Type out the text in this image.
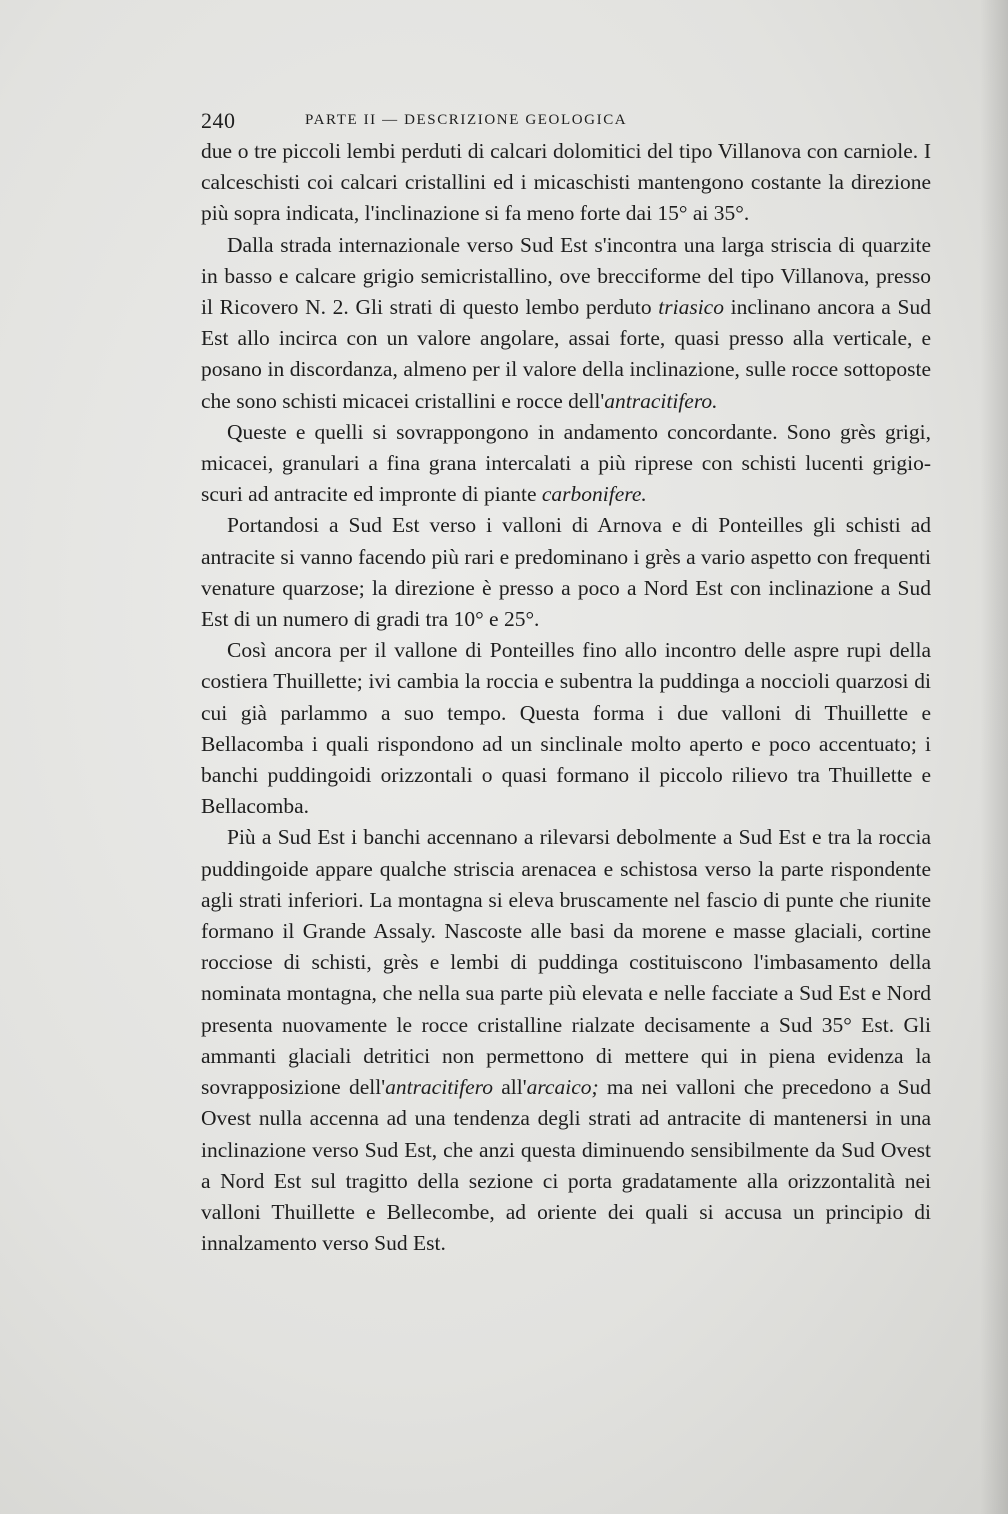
240	PARTE II — DESCRIZIONE GEOLOGICA

due o tre piccoli lembi perduti di calcari dolomitici del tipo Villanova con carniole. I calceschisti coi calcari cristallini ed i micaschisti mantengono costante la direzione più sopra indicata, l'inclinazione si fa meno forte dai 15° ai 35°.

Dalla strada internazionale verso Sud Est s'incontra una larga striscia di quarzite in basso e calcare grigio semicristallino, ove brecciforme del tipo Villanova, presso il Ricovero N. 2. Gli strati di questo lembo perduto triasico inclinano ancora a Sud Est allo incirca con un valore angolare, assai forte, quasi presso alla verticale, e posano in discordanza, almeno per il valore della inclinazione, sulle rocce sottoposte che sono schisti micacei cristallini e rocce dell'antracitifero.

Queste e quelli si sovrappongono in andamento concordante. Sono grès grigi, micacei, granulari a fina grana intercalati a più riprese con schisti lucenti grigio-scuri ad antracite ed impronte di piante carbonifere.

Portandosi a Sud Est verso i valloni di Arnova e di Ponteilles gli schisti ad antracite si vanno facendo più rari e predominano i grès a vario aspetto con frequenti venature quarzose; la direzione è presso a poco a Nord Est con inclinazione a Sud Est di un numero di gradi tra 10° e 25°.

Così ancora per il vallone di Ponteilles fino allo incontro delle aspre rupi della costiera Thuillette; ivi cambia la roccia e subentra la puddinga a noccioli quarzosi di cui già parlammo a suo tempo. Questa forma i due valloni di Thuillette e Bellacomba i quali rispondono ad un sinclinale molto aperto e poco accentuato; i banchi puddingoidi orizzontali o quasi formano il piccolo rilievo tra Thuillette e Bellacomba.

Più a Sud Est i banchi accennano a rilevarsi debolmente a Sud Est e tra la roccia puddingoide appare qualche striscia arenacea e schistosa verso la parte rispondente agli strati inferiori. La montagna si eleva bruscamente nel fascio di punte che riunite formano il Grande Assaly. Nascoste alle basi da morene e masse glaciali, cortine rocciose di schisti, grès e lembi di puddinga costituiscono l'imbasamento della nominata montagna, che nella sua parte più elevata e nelle facciate a Sud Est e Nord presenta nuovamente le rocce cristalline rialzate decisamente a Sud 35° Est. Gli ammanti glaciali detritici non permettono di mettere qui in piena evidenza la sovrapposizione dell'antracitifero all'arcaico; ma nei valloni che precedono a Sud Ovest nulla accenna ad una tendenza degli strati ad antracite di mantenersi in una inclinazione verso Sud Est, che anzi questa diminuendo sensibilmente da Sud Ovest a Nord Est sul tragitto della sezione ci porta gradatamente alla orizzontalità nei valloni Thuillette e Bellecombe, ad oriente dei quali si accusa un principio di innalzamento verso Sud Est.
